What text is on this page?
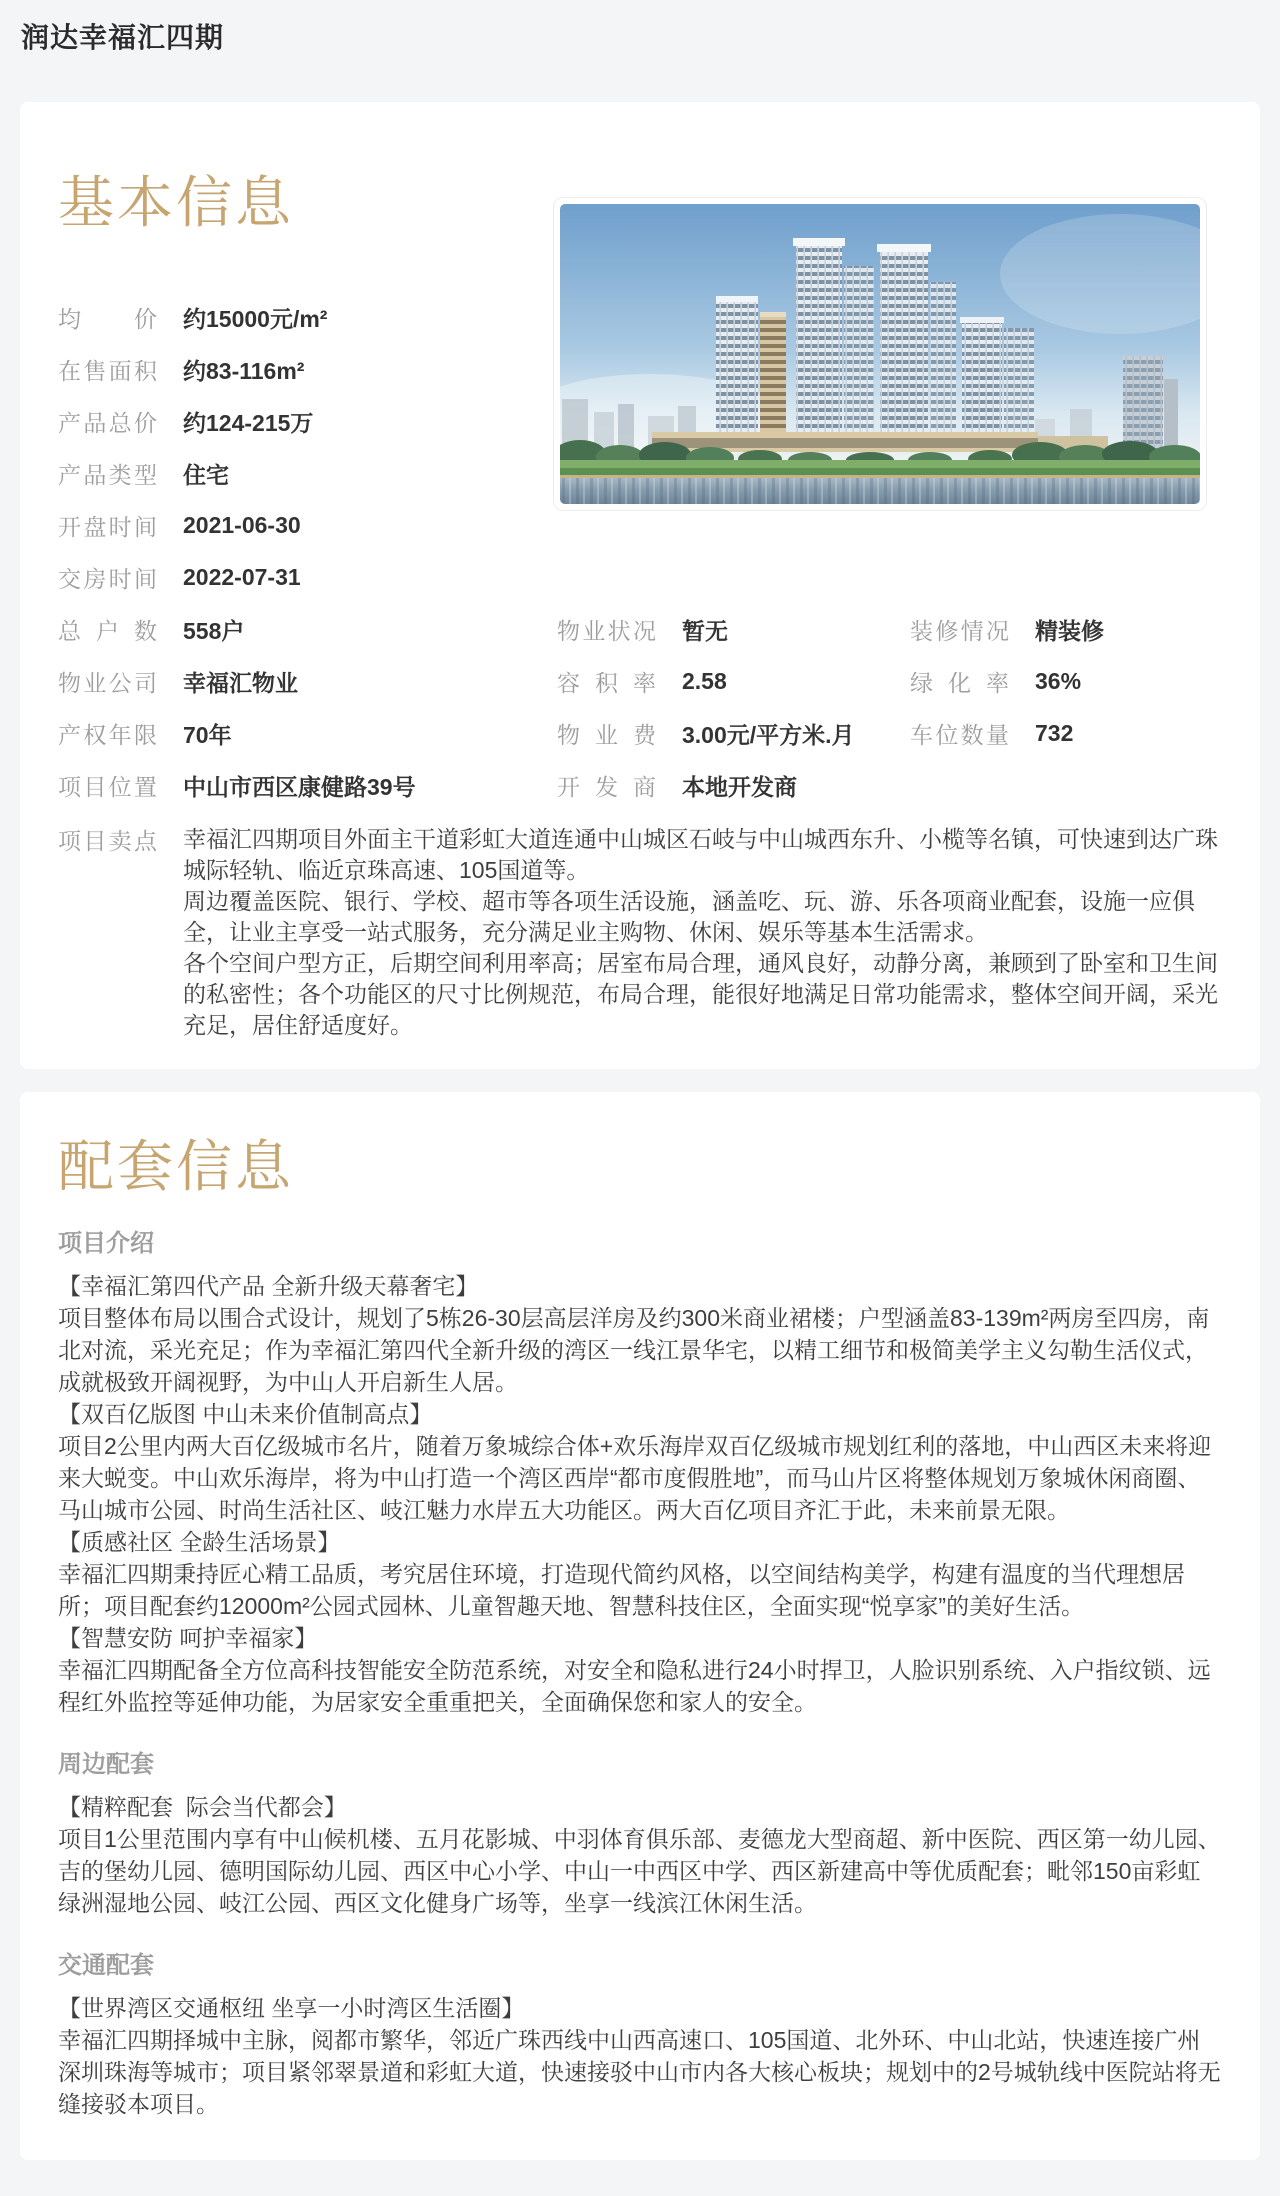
润达幸福汇四期
基本信息
均价 约15000元/m²
在售面积 约83-116m²
产品总价 约124-215万
产品类型 住宅
开盘时间 2021-06-30
交房时间 2022-07-31
总户数 558户	物业状况 暂无	装修情况 精装修
物业公司 幸福汇物业	容积率 2.58	绿化率 36%
产权年限 70年	物业费 3.00元/平方米.月 车位数量 732
项目位置 中山市西区康健路39号	开发商 本地开发商
项目卖点 幸福汇四期项目外面主干道彩虹大道连通中山城区石岐与中山城西东升、小榄等名镇，可快速到达广珠城际轻轨、临近京珠高速、105国道等。

周边覆盖医院、银行、学校、超市等各项生活设施，涵盖吃、玩、游、乐各项商业配套，设施一应俱全，让业主享受一站式服务，充分满足业主购物、休闲、娱乐等基本生活需求。

各个空间户型方正，后期空间利用率高；居室布局合理，通风良好，动静分离，兼顾到了卧室和卫生间的私密性；各个功能区的尺寸比例规范，布局合理，能很好地满足日常功能需求，整体空间开阔，采光充足，居住舒适度好。

配套信息
项目介绍

【幸福汇第四代产品 全新升级天幕奢宅】

项目整体布局以围合式设计，规划了5栋26-30层高层洋房及约300米商业裙楼；户型涵盖83-139m²两房至四房，南北对流，采光充足；作为幸福汇第四代全新升级的湾区一线江景华宅，以精工细节和极简美学主义勾勒生活仪式，成就极致开阔视野，为中山人开启新生人居。

【双百亿版图 中山未来价值制高点】

项目2公里内两大百亿级城市名片，随着万象城综合体+欢乐海岸双百亿级城市规划红利的落地，中山西区未来将迎来大蜕变。中山欢乐海岸，将为中山打造一个湾区西岸“都市度假胜地”，而马山片区将整体规划万象城休闲商圈、马山城市公园、时尚生活社区、岐江魅力水岸五大功能区。两大百亿项目齐汇于此，未来前景无限。

【质感社区 全龄生活场景】

幸福汇四期秉持匠心精工品质，考究居住环境，打造现代简约风格，以空间结构美学，构建有温度的当代理想居所；项目配套约12000m²公园式园林、儿童智趣天地、智慧科技住区，全面实现“悦享家”的美好生活。

【智慧安防 呵护幸福家】

幸福汇四期配备全方位高科技智能安全防范系统，对安全和隐私进行24小时捍卫，人脸识别系统、入户指纹锁、远程红外监控等延伸功能，为居家安全重重把关，全面确保您和家人的安全。

周边配套

【精粹配套  际会当代都会】

项目1公里范围内享有中山候机楼、五月花影城、中羽体育俱乐部、麦德龙大型商超、新中医院、西区第一幼儿园、吉的堡幼儿园、德明国际幼儿园、西区中心小学、中山一中西区中学、西区新建高中等优质配套；毗邻150亩彩虹绿洲湿地公园、岐江公园、西区文化健身广场等，坐享一线滨江休闲生活。

交通配套

【世界湾区交通枢纽 坐享一小时湾区生活圈】

幸福汇四期择城中主脉，阅都市繁华，邻近广珠西线中山西高速口、105国道、北外环、中山北站，快速连接广州深圳珠海等城市；项目紧邻翠景道和彩虹大道，快速接驳中山市内各大核心板块；规划中的2号城轨线中医院站将无缝接驳本项目。
